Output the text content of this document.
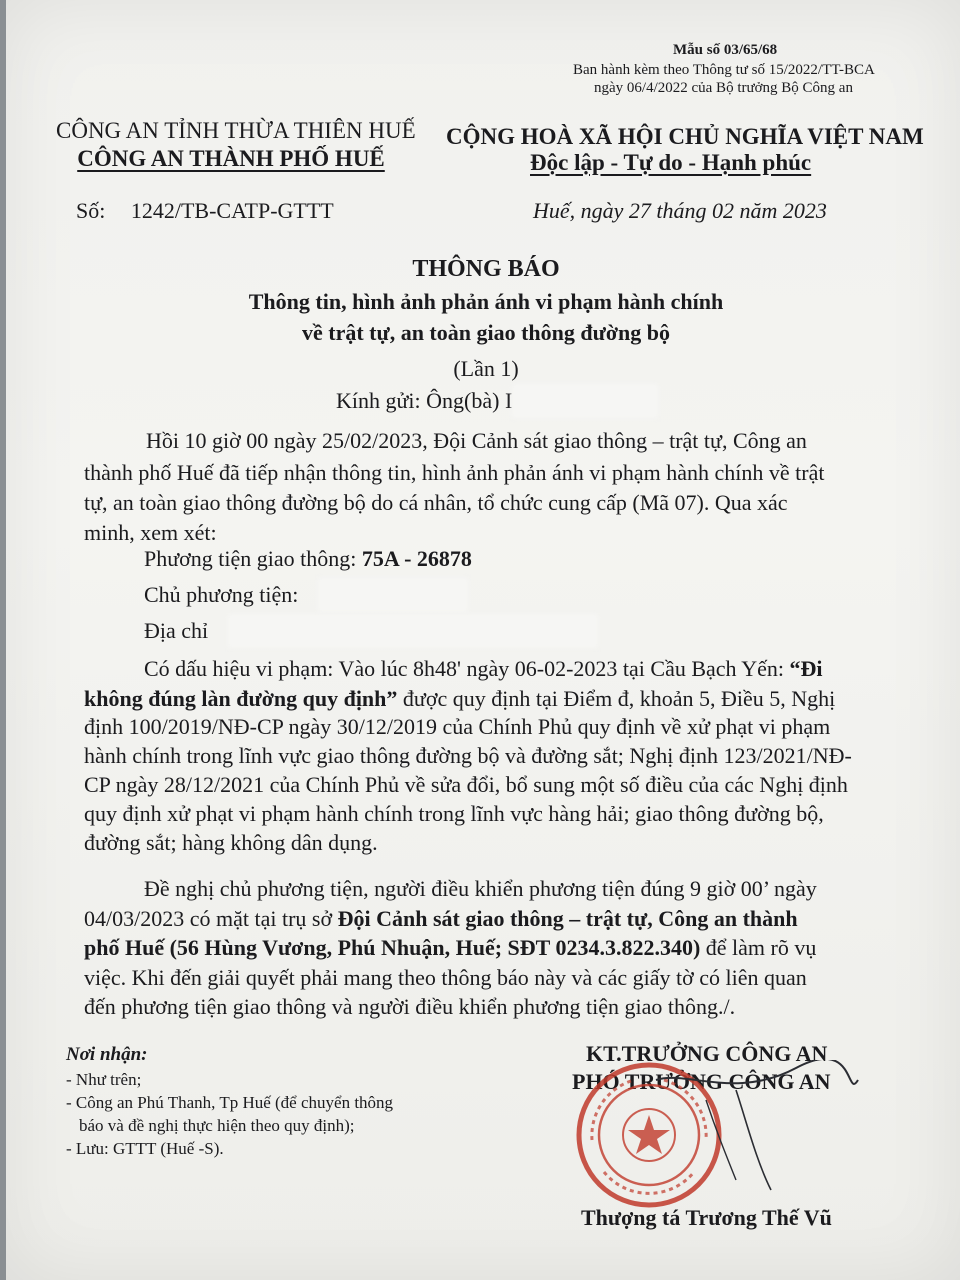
Mẫu số 03/65/68
Ban hành kèm theo Thông tư số 15/2022/TT-BCA
ngày 06/4/2022 của Bộ trưởng Bộ Công an
CÔNG AN TỈNH THỪA THIÊN HUẾ
CÔNG AN THÀNH PHỐ HUẾ
CỘNG HOÀ XÃ HỘI CHỦ NGHĨA VIỆT NAM
Độc lập - Tự do - Hạnh phúc
Số: 1242/TB-CATP-GTTT	Huế, ngày 27 tháng 02 năm 2023
THÔNG BÁO
Thông tin, hình ảnh phản ánh vi phạm hành chính
về trật tự, an toàn giao thông đường bộ
(Lần 1)
Kính gửi: Ông(bà) I
Hồi 10 giờ 00 ngày 25/02/2023, Đội Cảnh sát giao thông – trật tự, Công an
thành phố Huế đã tiếp nhận thông tin, hình ảnh phản ánh vi phạm hành chính về trật
tự, an toàn giao thông đường bộ do cá nhân, tổ chức cung cấp (Mã 07). Qua xác
minh, xem xét:
Phương tiện giao thông: 75A - 26878
Chủ phương tiện:
Địa chỉ
Có dấu hiệu vi phạm: Vào lúc 8h48' ngày 06-02-2023 tại Cầu Bạch Yến: “Đi
không đúng làn đường quy định” được quy định tại Điểm đ, khoản 5, Điều 5, Nghị
định 100/2019/NĐ-CP ngày 30/12/2019 của Chính Phủ quy định về xử phạt vi phạm
hành chính trong lĩnh vực giao thông đường bộ và đường sắt; Nghị định 123/2021/NĐ-
CP ngày 28/12/2021 của Chính Phủ về sửa đổi, bổ sung một số điều của các Nghị định
quy định xử phạt vi phạm hành chính trong lĩnh vực hàng hải; giao thông đường bộ,
đường sắt; hàng không dân dụng.
Đề nghị chủ phương tiện, người điều khiển phương tiện đúng 9 giờ 00’ ngày
04/03/2023 có mặt tại trụ sở Đội Cảnh sát giao thông – trật tự, Công an thành
phố Huế (56 Hùng Vương, Phú Nhuận, Huế; SĐT 0234.3.822.340) để làm rõ vụ
việc. Khi đến giải quyết phải mang theo thông báo này và các giấy tờ có liên quan
đến phương tiện giao thông và người điều khiển phương tiện giao thông./.
Nơi nhận:
- Như trên;
- Công an Phú Thanh, Tp Huế (để chuyển thông
báo và đề nghị thực hiện theo quy định);
- Lưu: GTTT (Huế -S).
KT.TRƯỞNG CÔNG AN
PHÓ TRƯỞNG CÔNG AN
Thượng tá Trương Thế Vũ
